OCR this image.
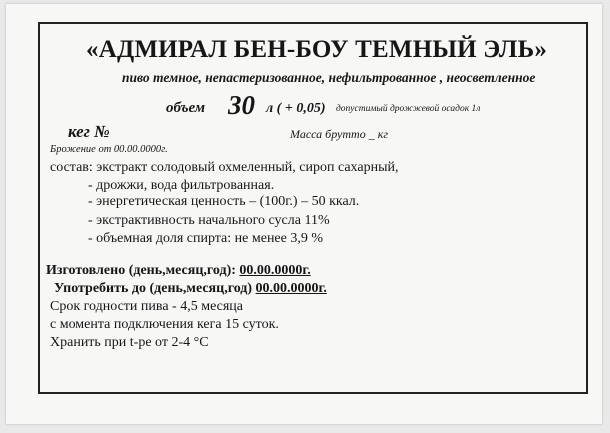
«АДМИРАЛ БЕН-БОУ ТЕМНЫЙ ЭЛЬ»
пиво темное, непастеризованное, нефильтрованное , неосветленное
объем 30 л ( + 0,05) допустимый дрожжевой осадок 1л
кег №	Масса брутто _ кг
Брожение от 00.00.0000г.
состав: экстракт солодовый охмеленный, сироп сахарный,
- дрожжи, вода фильтрованная.
- энергетическая ценность – (100г.) – 50 ккал.
- экстрактивность начального сусла 11%
- объемная доля спирта: не менее 3,9 %
Изготовлено (день,месяц,год): 00.00.0000г.
Употребить до (день,месяц,год) 00.00.0000г.
Срок годности пива - 4,5 месяца
с момента подключения кега 15 суток.
Хранить при t-ре от 2-4 °С
